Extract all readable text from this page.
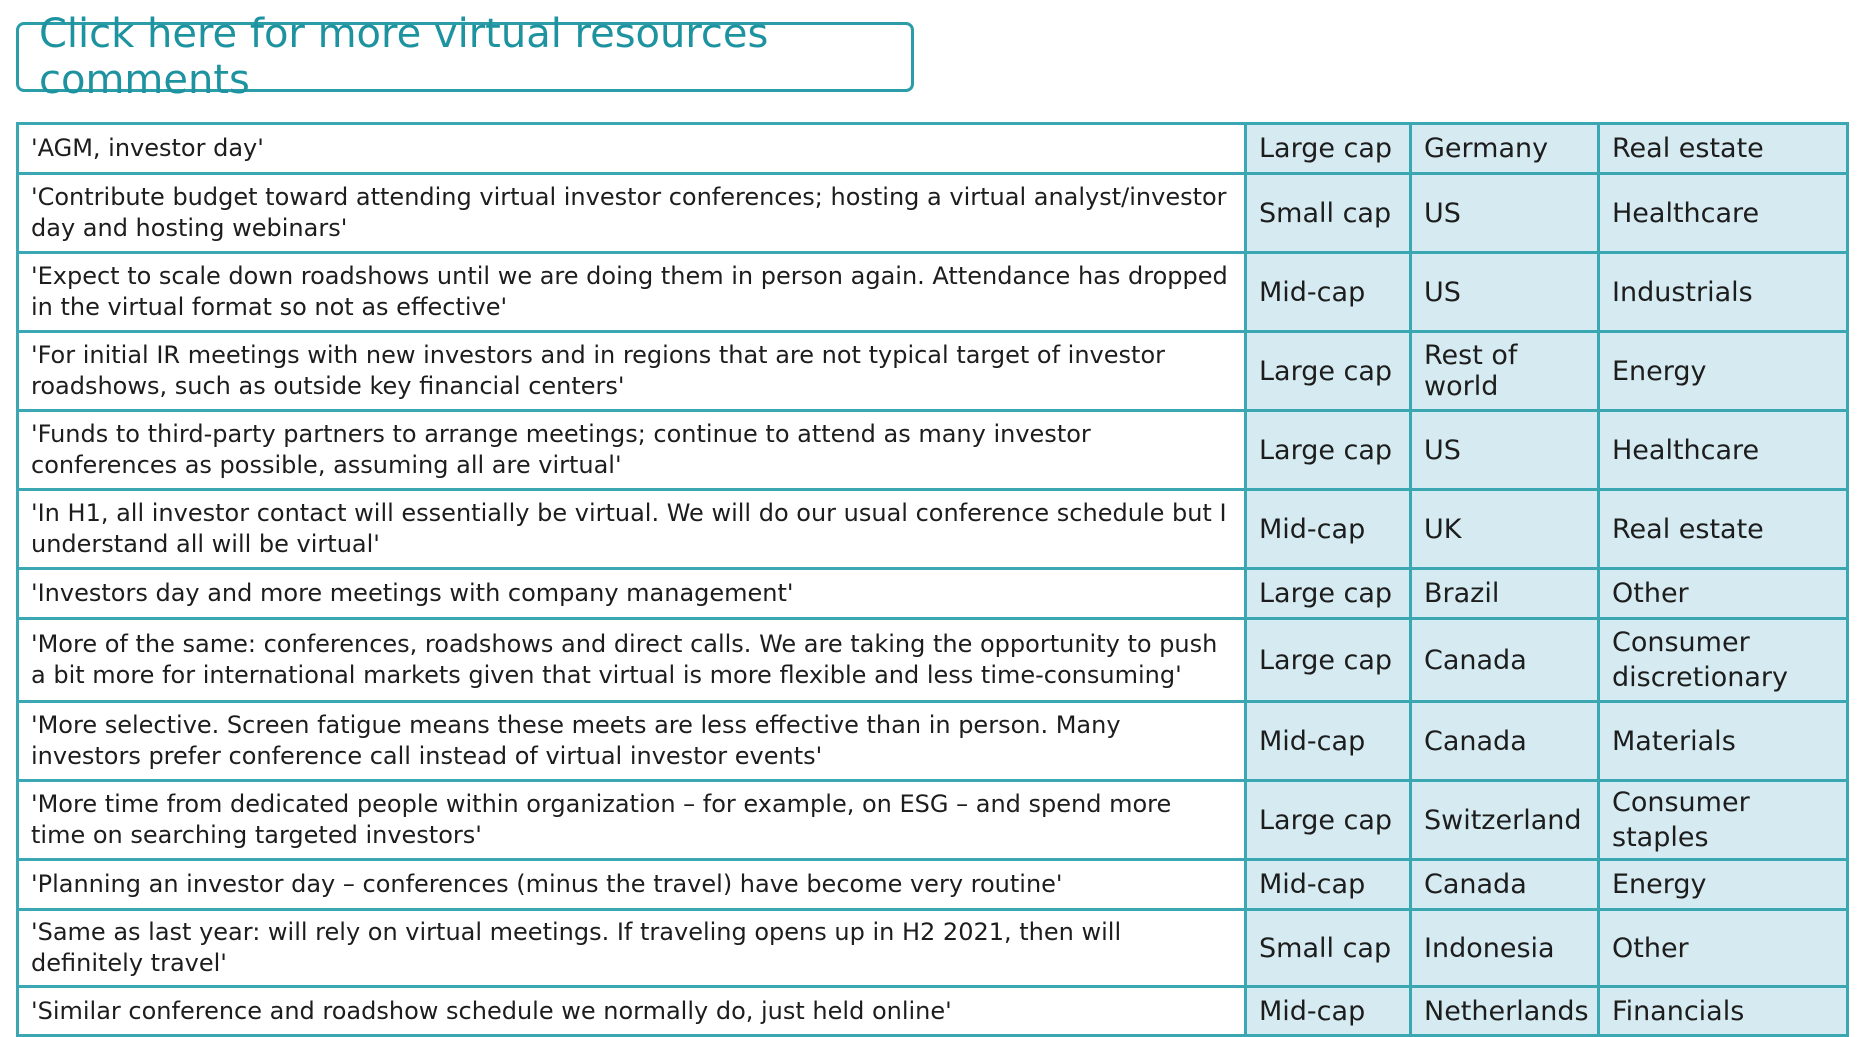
Click here for more virtual resources comments
'AGM, investor day'	Large cap	Germany	Real estate
'Contribute budget toward attending virtual investor conferences; hosting a virtual analyst/investor day and hosting webinars'	Small cap	US	Healthcare
'Expect to scale down roadshows until we are doing them in person again. Attendance has dropped in the virtual format so not as effective'	Mid-cap	US	Industrials
'For initial IR meetings with new investors and in regions that are not typical target of investor roadshows, such as outside key financial centers'	Large cap	Rest of world	Energy
'Funds to third-party partners to arrange meetings; continue to attend as many investor conferences as possible, assuming all are virtual'	Large cap	US	Healthcare
'In H1, all investor contact will essentially be virtual. We will do our usual conference schedule but I understand all will be virtual'	Mid-cap	UK	Real estate
'Investors day and more meetings with company management'	Large cap	Brazil	Other
'More of the same: conferences, roadshows and direct calls. We are taking the opportunity to push a bit more for international markets given that virtual is more flexible and less time-consuming'	Large cap	Canada	Consumer discretionary
'More selective. Screen fatigue means these meets are less effective than in person. Many investors prefer conference call instead of virtual investor events'	Mid-cap	Canada	Materials
'More time from dedicated people within organization – for example, on ESG – and spend more time on searching targeted investors'	Large cap	Switzerland	Consumer staples
'Planning an investor day – conferences (minus the travel) have become very routine'	Mid-cap	Canada	Energy
'Same as last year: will rely on virtual meetings. If traveling opens up in H2 2021, then will definitely travel'	Small cap	Indonesia	Other
'Similar conference and roadshow schedule we normally do, just held online'	Mid-cap	Netherlands	Financials
